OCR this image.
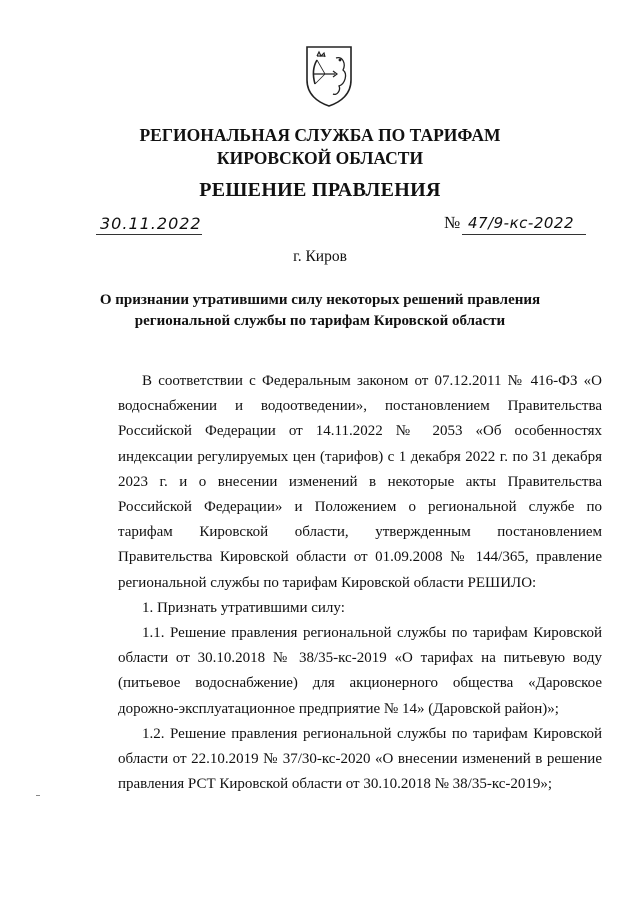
РЕГИОНАЛЬНАЯ СЛУЖБА ПО ТАРИФАМ
КИРОВСКОЙ ОБЛАСТИ
РЕШЕНИЕ ПРАВЛЕНИЯ
30.11.2022	№ 47/9-кс-2022
г. Киров
О признании утратившими силу некоторых решений правления
региональной службы по тарифам Кировской области

В соответствии с Федеральным законом от 07.12.2011 № 416-ФЗ «О водоснабжении и водоотведении», постановлением Правительства Российской Федерации от 14.11.2022 № 2053 «Об особенностях индексации регулируемых цен (тарифов) с 1 декабря 2022 г. по 31 декабря 2023 г. и о внесении изменений в некоторые акты Правительства Российской Федерации» и Положением о региональной службе по тарифам Кировской области, утвержденным постановлением Правительства Кировской области от 01.09.2008 № 144/365, правление региональной службы по тарифам Кировской области РЕШИЛО:

1. Признать утратившими силу:

1.1. Решение правления региональной службы по тарифам Кировской области от 30.10.2018 № 38/35-кс-2019 «О тарифах на питьевую воду (питьевое водоснабжение) для акционерного общества «Даровское дорожно-эксплуатационное предприятие № 14» (Даровской район)»;

1.2. Решение правления региональной службы по тарифам Кировской области от 22.10.2019 № 37/30-кс-2020 «О внесении изменений в решение правления РСТ Кировской области от 30.10.2018 № 38/35-кс-2019»;
